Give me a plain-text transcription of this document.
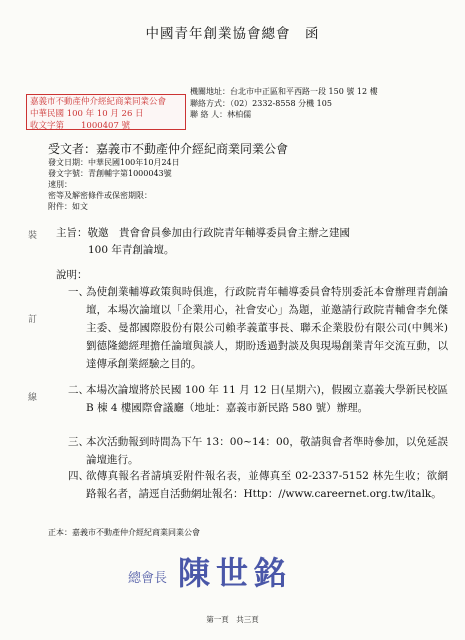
中國青年創業協會總會　函
嘉義市不動產仲介經紀商業同業公會
中華民國 100 年 10 月 26 日
收文字第　　1000407 號
機關地址：台北市中正區和平西路一段 150 號 12 樓
聯絡方式：（02）2332-8558 分機 105
聯 絡 人：林柏儒
受文者：嘉義市不動產仲介經紀商業同業公會
發文日期：中華民國100年10月24日
發文字號：青創輔字第1000043號
速別：
密等及解密條件或保密期限：
附件：如文
裝
訂
線
主旨：敬邀　貴會會員參加由行政院青年輔導委員會主辦之建國
100 年青創論壇。
說明：
一、
為使創業輔導政策與時俱進，行政院青年輔導委員會特別委託本會辦理青創論壇，本場次論壇以「企業用心，社會安心」為題，並邀請行政院青輔會李允傑主委、曼都國際股份有限公司賴孝義董事長、聯禾企業股份有限公司(中興米)劉德隆總經理擔任論壇與談人，期盼透過對談及與現場創業青年交流互動，以達傳承創業經驗之目的。
二、
本場次論壇將於民國 100 年 11 月 12 日(星期六)，假國立嘉義大學新民校區 B 棟 4 樓國際會議廳（地址：嘉義市新民路 580 號）辦理。
三、
本次活動報到時間為下午 13：00~14：00，敬請與會者準時參加，以免延誤論壇進行。
四、
欲傳真報名者請填妥附件報名表，並傳真至 02-2337-5152 林先生收；欲網路報名者，請逕自活動網址報名：Http：//www.careernet.org.tw/italk。
正本：嘉義市不動產仲介經紀商業同業公會
總會長 陳世銘
第一頁　共三頁
